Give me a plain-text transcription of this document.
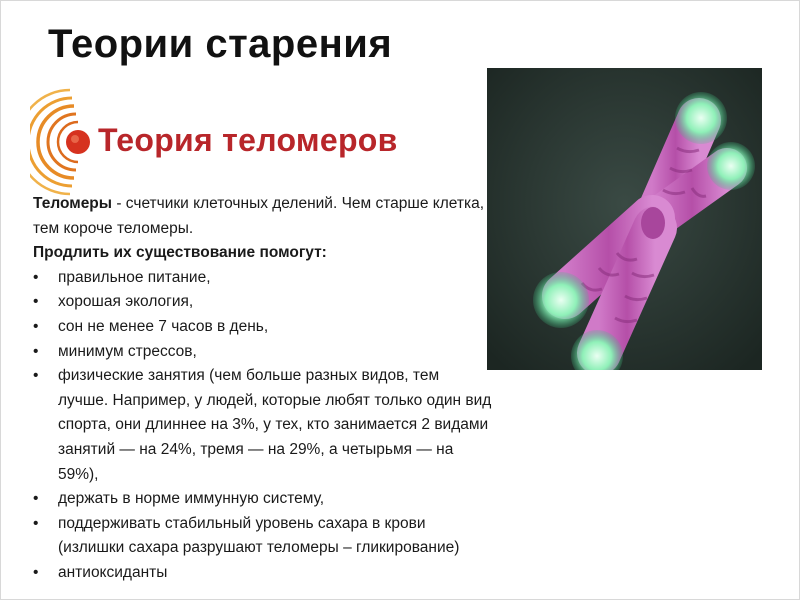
Теории старения
Теория теломеров

Теломеры - счетчики клеточных делений. Чем старше клетка, тем короче теломеры.

Продлить их существование помогут:

• правильное питание,
• хорошая экология,
• сон не менее 7 часов в день,
• минимум стрессов,
• физические занятия (чем больше разных видов, тем лучше. Например, у людей, которые любят только один вид спорта, они длиннее на 3%, у тех, кто занимается 2 видами занятий — на 24%, тремя — на 29%, а четырьмя — на 59%),
• держать в норме иммунную систему,
• поддерживать стабильный уровень сахара в крови (излишки сахара разрушают теломеры – гликирование)
• антиоксиданты
